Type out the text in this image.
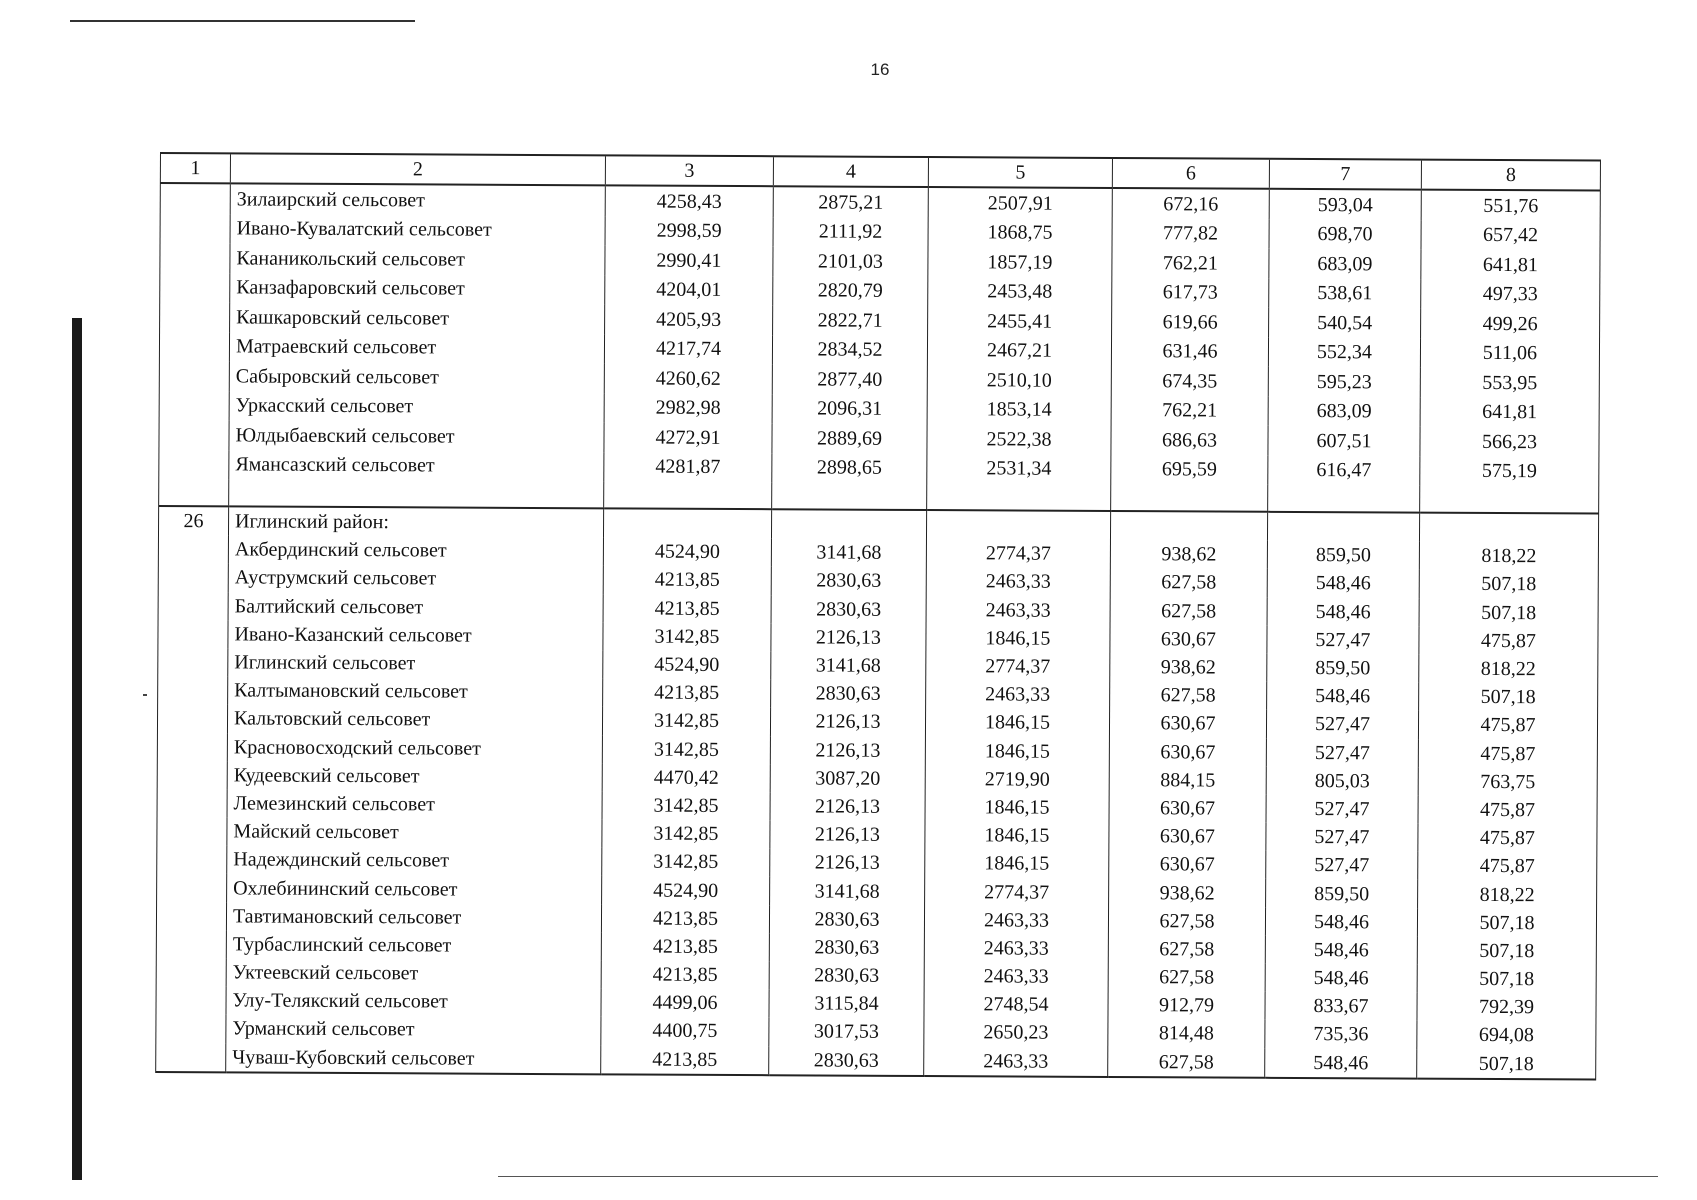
16
1	2	3	4	5	6	7	8
	Зилаирский сельсовет	4258,43	2875,21	2507,91	672,16	593,04	551,76
	Ивано-Кувалатский сельсовет	2998,59	2111,92	1868,75	777,82	698,70	657,42
	Кананикольский сельсовет	2990,41	2101,03	1857,19	762,21	683,09	641,81
	Канзафаровский сельсовет	4204,01	2820,79	2453,48	617,73	538,61	497,33
	Кашкаровский сельсовет	4205,93	2822,71	2455,41	619,66	540,54	499,26
	Матраевский сельсовет	4217,74	2834,52	2467,21	631,46	552,34	511,06
	Сабыровский сельсовет	4260,62	2877,40	2510,10	674,35	595,23	553,95
	Уркасский сельсовет	2982,98	2096,31	1853,14	762,21	683,09	641,81
	Юлдыбаевский сельсовет	4272,91	2889,69	2522,38	686,63	607,51	566,23
	Ямансазский сельсовет	4281,87	2898,65	2531,34	695,59	616,47	575,19

26	Иглинский район:						
	Акбердинский сельсовет	4524,90	3141,68	2774,37	938,62	859,50	818,22
	Ауструмский сельсовет	4213,85	2830,63	2463,33	627,58	548,46	507,18
	Балтийский сельсовет	4213,85	2830,63	2463,33	627,58	548,46	507,18
	Ивано-Казанский сельсовет	3142,85	2126,13	1846,15	630,67	527,47	475,87
	Иглинский сельсовет	4524,90	3141,68	2774,37	938,62	859,50	818,22
	Калтымановский сельсовет	4213,85	2830,63	2463,33	627,58	548,46	507,18
	Кальтовский сельсовет	3142,85	2126,13	1846,15	630,67	527,47	475,87
	Красновосходский сельсовет	3142,85	2126,13	1846,15	630,67	527,47	475,87
	Кудеевский сельсовет	4470,42	3087,20	2719,90	884,15	805,03	763,75
	Лемезинский сельсовет	3142,85	2126,13	1846,15	630,67	527,47	475,87
	Майский сельсовет	3142,85	2126,13	1846,15	630,67	527,47	475,87
	Надеждинский сельсовет	3142,85	2126,13	1846,15	630,67	527,47	475,87
	Охлебининский сельсовет	4524,90	3141,68	2774,37	938,62	859,50	818,22
	Тавтимановский сельсовет	4213,85	2830,63	2463,33	627,58	548,46	507,18
	Турбаслинский сельсовет	4213,85	2830,63	2463,33	627,58	548,46	507,18
	Уктеевский сельсовет	4213,85	2830,63	2463,33	627,58	548,46	507,18
	Улу-Телякский сельсовет	4499,06	3115,84	2748,54	912,79	833,67	792,39
	Урманский сельсовет	4400,75	3017,53	2650,23	814,48	735,36	694,08
	Чуваш-Кубовский сельсовет	4213,85	2830,63	2463,33	627,58	548,46	507,18
